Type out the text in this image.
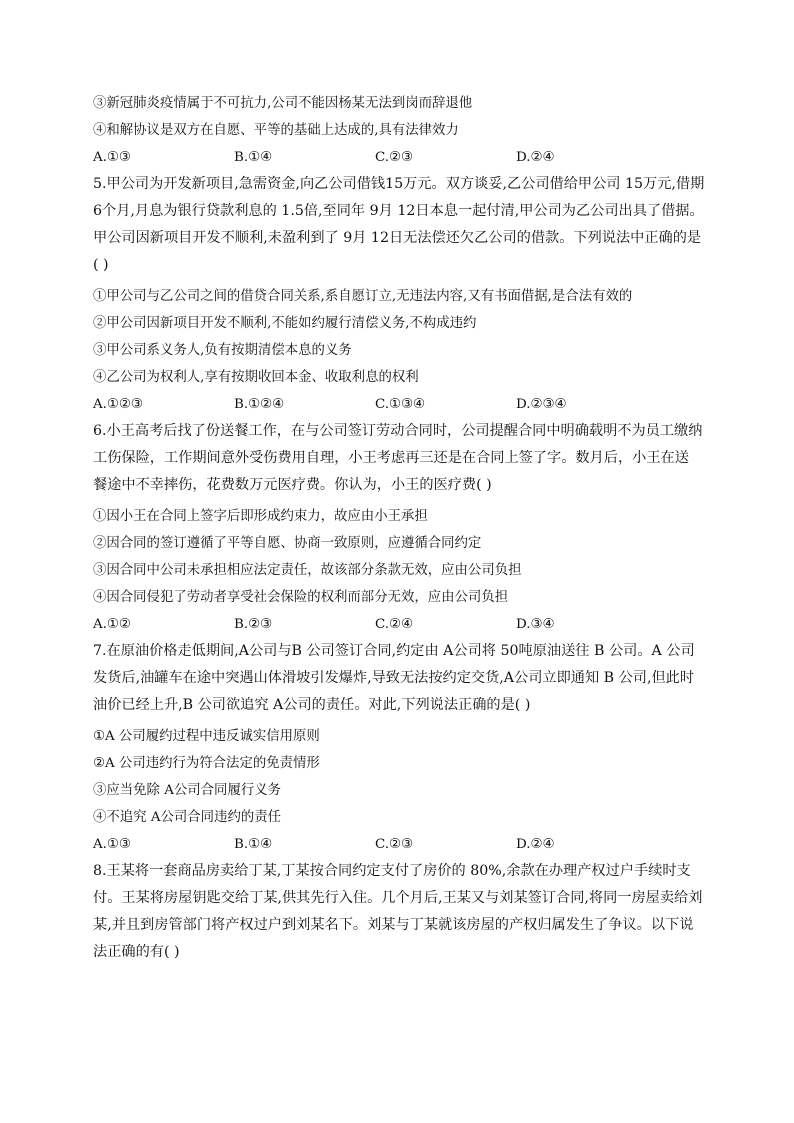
③新冠肺炎疫情属于不可抗力,公司不能因杨某无法到岗而辞退他
④和解协议是双方在自愿、平等的基础上达成的,具有法律效力
A.①③	B.①④	C.②③	D.②④
5.甲公司为开发新项目,急需资金,向乙公司借钱15万元。双方谈妥,乙公司借给甲公司 15万元,借期
6个月,月息为银行贷款利息的 1.5倍,至同年 9月 12日本息一起付清,甲公司为乙公司出具了借据。
甲公司因新项目开发不顺利,未盈利到了 9月 12日无法偿还欠乙公司的借款。下列说法中正确的是
( )
①甲公司与乙公司之间的借贷合同关系,系自愿订立,无违法内容,又有书面借据,是合法有效的
②甲公司因新项目开发不顺利,不能如约履行清偿义务,不构成违约
③甲公司系义务人,负有按期清偿本息的义务
④乙公司为权利人,享有按期收回本金、收取利息的权利
A.①②③	B.①②④	C.①③④	D.②③④
6.小王高考后找了份送餐工作，在与公司签订劳动合同时，公司提醒合同中明确载明不为员工缴纳
工伤保险，工作期间意外受伤费用自理，小王考虑再三还是在合同上签了字。数月后，小王在送
餐途中不幸摔伤，花费数万元医疗费。你认为，小王的医疗费( )
①因小王在合同上签字后即形成约束力，故应由小王承担
②因合同的签订遵循了平等自愿、协商一致原则，应遵循合同约定
③因合同中公司未承担相应法定责任，故该部分条款无效，应由公司负担
④因合同侵犯了劳动者享受社会保险的权利而部分无效，应由公司负担
A.①②	B.②③	C.②④	D.③④
7.在原油价格走低期间,A公司与B 公司签订合同,约定由 A公司将 50吨原油送往 B 公司。A 公司
发货后,油罐车在途中突遇山体滑坡引发爆炸,导致无法按约定交货,A公司立即通知 B 公司,但此时
油价已经上升,B 公司欲追究 A公司的责任。对此,下列说法正确的是( )
①A 公司履约过程中违反诚实信用原则
②A 公司违约行为符合法定的免责情形
③应当免除 A公司合同履行义务
④不追究 A公司合同违约的责任
A.①③	B.①④	C.②③	D.②④
8.王某将一套商品房卖给丁某,丁某按合同约定支付了房价的 80%,余款在办理产权过户手续时支
付。王某将房屋钥匙交给丁某,供其先行入住。几个月后,王某又与刘某签订合同,将同一房屋卖给刘
某,并且到房管部门将产权过户到刘某名下。刘某与丁某就该房屋的产权归属发生了争议。以下说
法正确的有( )
